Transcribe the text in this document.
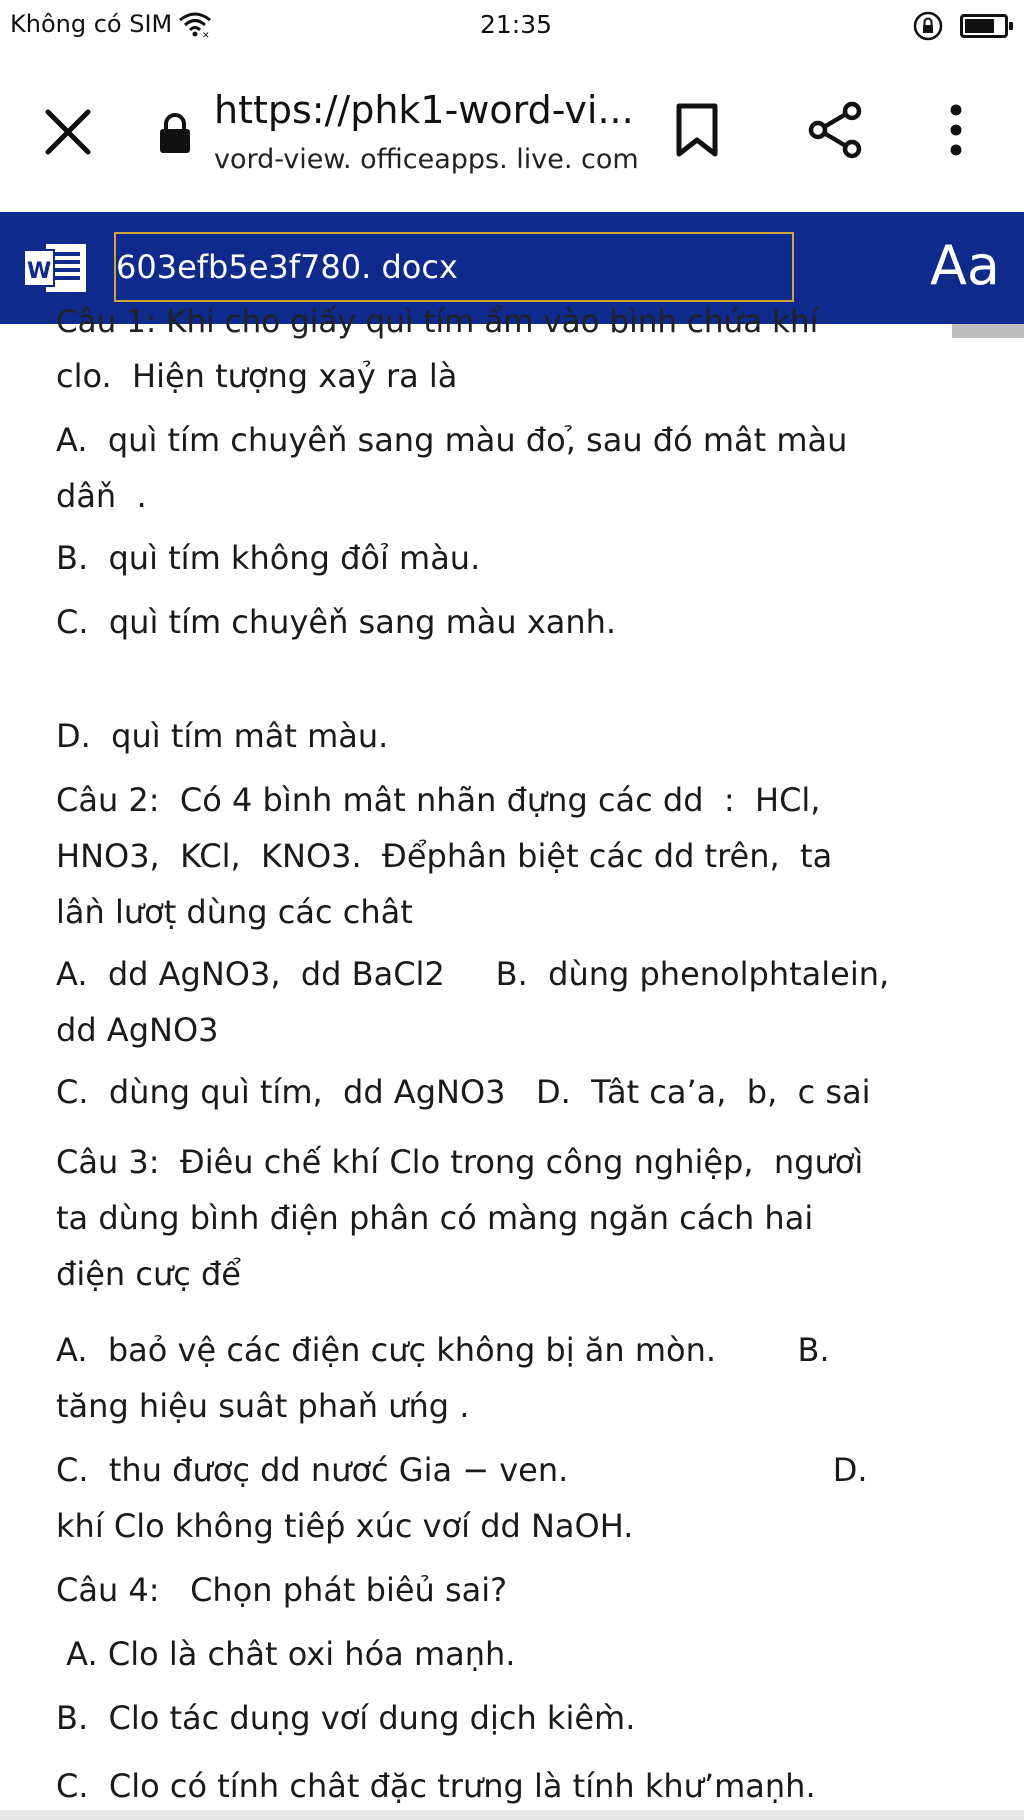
Không có SIM	✕	21:35
https://phk1-word-vi...
vord-view. officeapps. live. com
W 603efb5e3f780. docx	Aa
Câu 1: Khi cho giấy quì tím ẩm vào bình chứa khí
clo.  Hiện tượng xaỷ ra là
A.  quì tím chuyêň sang màu đo,̉ sau đó mât màu
dâň  .
B.  quì tím không đôỉ màu.
C.  quì tím chuyêň sang màu xanh.
D.  quì tím mât màu.
Câu 2:  Có 4 bình mât nhãn đựng các dd  :  HCl,
HNO3,  KCl,  KNO3.  Đểphân biệt các dd trên,  ta
lâǹ lươṭ dùng các chât
A.  dd AgNO3,  dd BaCl2     B.  dùng phenolphtalein,
dd AgNO3
C.  dùng quì tím,  dd AgNO3   D.  Tât caʼa,  b,  c sai
Câu 3:  Điêu chế khí Clo trong công nghiệp,  ngươì
ta dùng bình điện phân có màng ngăn cách hai
điện cưc̣ để
A.  baỏ vệ các điện cưc̣ không bị ăn mòn.        B.
tăng hiệu suât phaň ưńg .
C.  thu đươc̣ dd nươć Gia − ven.                          D.
khí Clo không tiêṕ xúc vơí dd NaOH.
Câu 4:   Chọn phát biêủ sai?
A. Clo là chât oxi hóa maṇh.
B.  Clo tác duṇg vơí dung dịch kiêm̀.
C.  Clo có tính chât đặc trưng là tính khưʼmaṇh.
